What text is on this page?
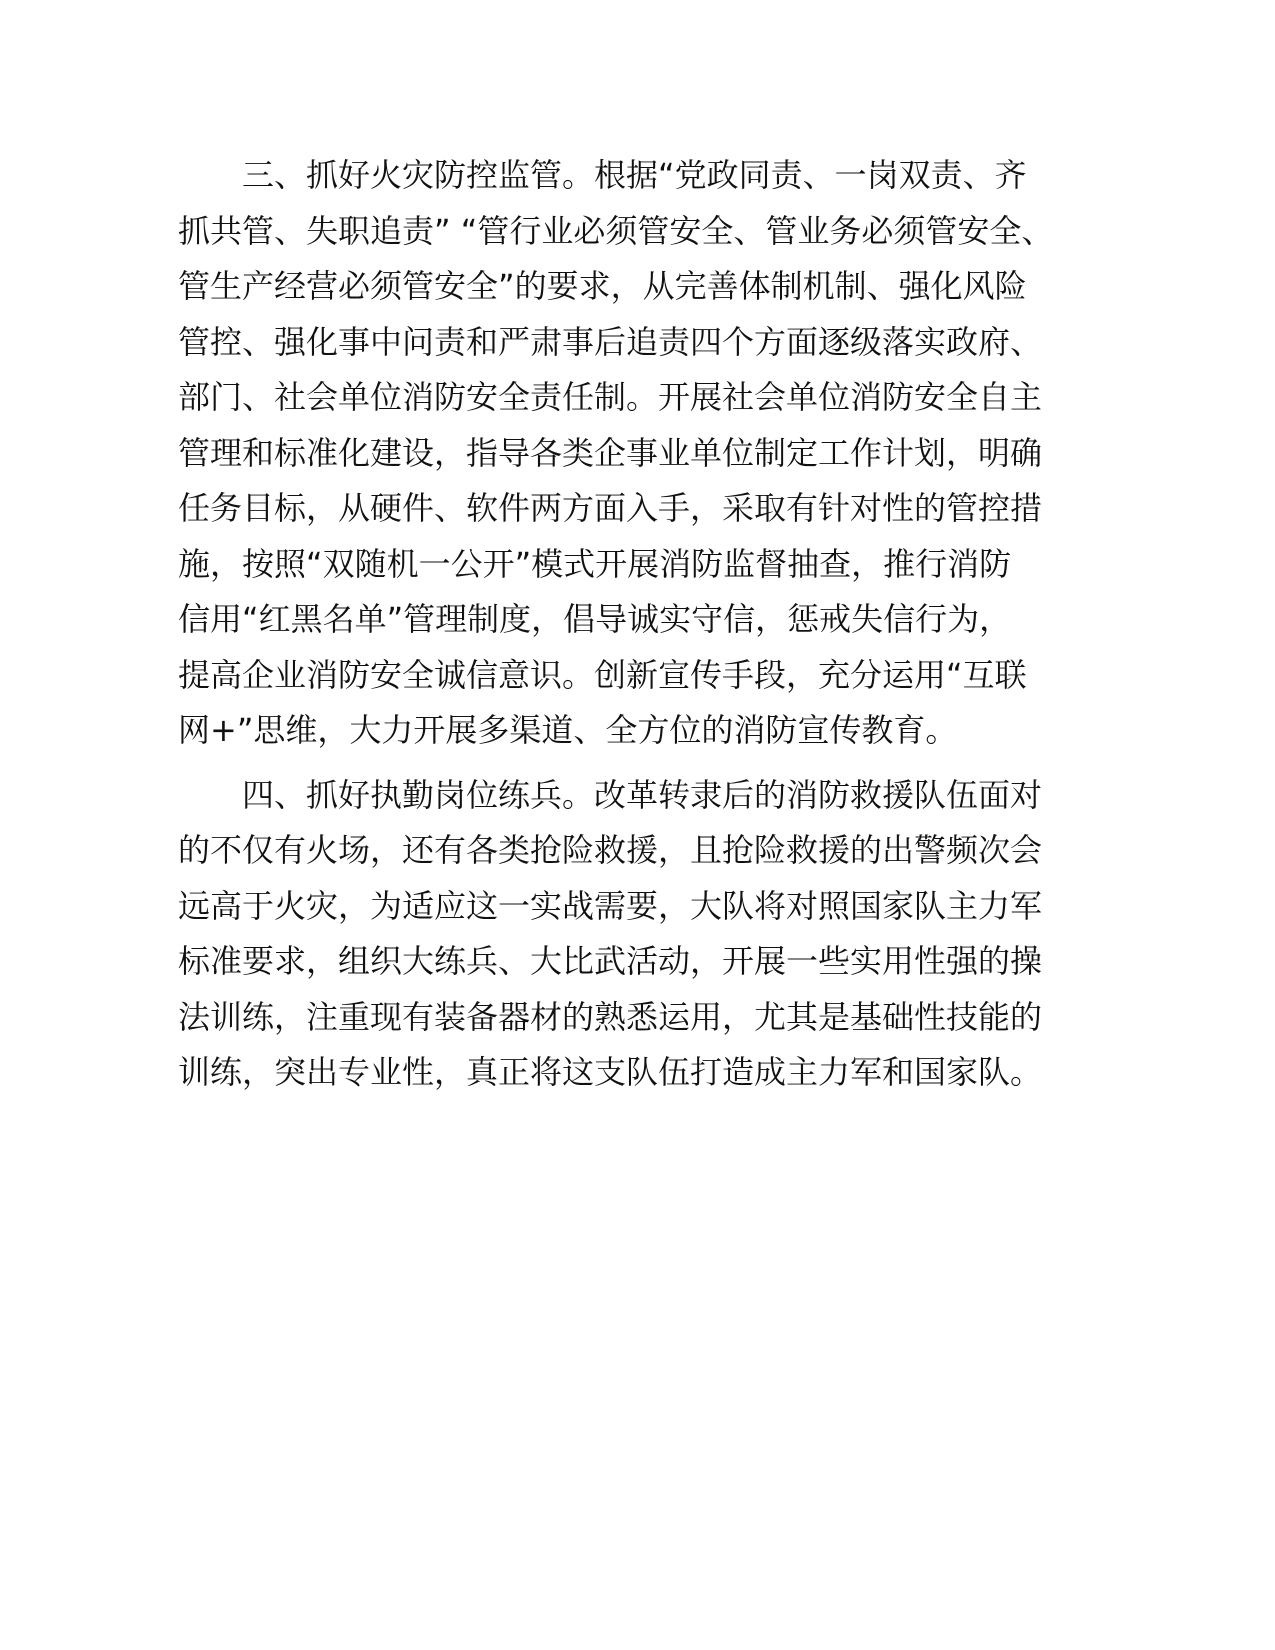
三、抓好火灾防控监管。根据“党政同责、一岗双责、齐
抓共管、失职追责” “管行业必须管安全、管业务必须管安全、
管生产经营必须管安全”的要求，从完善体制机制、强化风险
管控、强化事中问责和严肃事后追责四个方面逐级落实政府、
部门、社会单位消防安全责任制。开展社会单位消防安全自主
管理和标准化建设，指导各类企事业单位制定工作计划，明确
任务目标，从硬件、软件两方面入手，采取有针对性的管控措
施，按照“双随机一公开”模式开展消防监督抽查，推行消防
信用“红黑名单”管理制度，倡导诚实守信，惩戒失信行为，
提高企业消防安全诚信意识。创新宣传手段，充分运用“互联
网+”思维，大力开展多渠道、全方位的消防宣传教育。
四、抓好执勤岗位练兵。改革转隶后的消防救援队伍面对
的不仅有火场，还有各类抢险救援，且抢险救援的出警频次会
远高于火灾，为适应这一实战需要，大队将对照国家队主力军
标准要求，组织大练兵、大比武活动，开展一些实用性强的操
法训练，注重现有装备器材的熟悉运用，尤其是基础性技能的
训练，突出专业性，真正将这支队伍打造成主力军和国家队。
